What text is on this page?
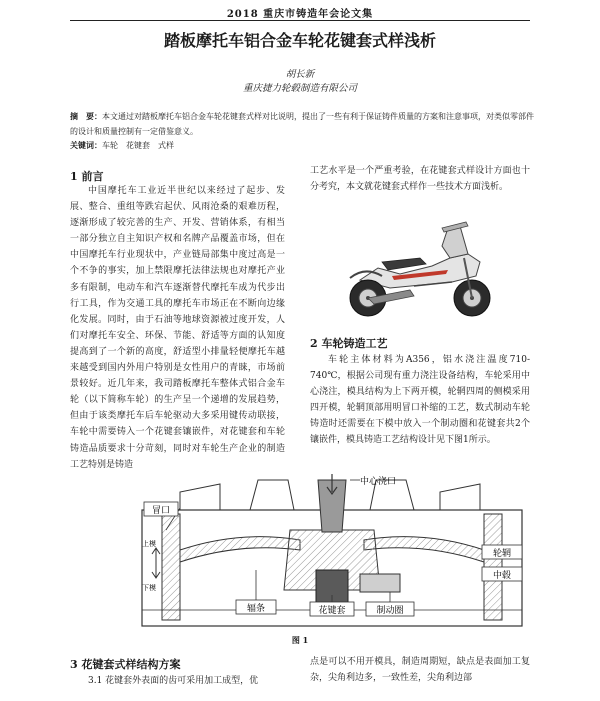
2018 重庆市铸造年会论文集
踏板摩托车铝合金车轮花键套式样浅析
胡长新
重庆捷力轮毂制造有限公司
摘　要：本文通过对踏板摩托车铝合金车轮花键套式样对比说明，提出了一些有利于保证铸件质量的方案和注意事项，对类似零部件的设计和质量控制有一定借鉴意义。
关键词：车轮　花键套　式样
1 前言
中国摩托车工业近半世纪以来经过了起步、发展、整合、重组等跌宕起伏、风雨沧桑的艰难历程，逐渐形成了较完善的生产、开发、营销体系，有相当一部分独立自主知识产权和名牌产品覆盖市场，但在中国摩托车行业现状中，产业链局部集中度过高是一个不争的事实，加上禁限摩托法律法规也对摩托产业多有限制，电动车和汽车逐渐替代摩托车成为代步出行工具，作为交通工具的摩托车市场正在不断向边缘化发展。同时，由于石油等地球资源被过度开发，人们对摩托车安全、环保、节能、舒适等方面的认知度提高到了一个新的高度，舒适型小排量轻便摩托车越来越受到国内外用户特别是女性用户的青睐，市场前景较好。近几年来，我司踏板摩托车整体式铝合金车轮（以下简称车轮）的生产呈一个递增的发展趋势，但由于该类摩托车后车轮驱动大多采用键传动联接，车轮中需要铸入一个花键套镶嵌件，对花键套和车轮铸造品质要求十分苛刻，同时对车轮生产企业的制造工艺特别是铸造
工艺水平是一个严重考验，在花键套式样设计方面也十分考究，本文就花键套式样作一些技术方面浅析。
2 车轮铸造工艺
车轮主体材料为A356，铝水浇注温度710-740℃，根据公司现有重力浇注设备结构，车轮采用中心浇注，模具结构为上下两开模，轮辋四周的侧模采用四开模，轮辋顶部用明冒口补缩的工艺，数式制动车轮铸造时还需要在下模中放入一个制动圈和花键套共2个镶嵌件，模具铸造工艺结构设计见下图1所示。
冒口
中心浇口
上模
下模
轮辋
中毂
辐条	花键套	制动圈
图 1
3 花键套式样结构方案
3.1 花键套外表面的齿可采用加工成型，优
点是可以不用开模具，制造周期短，缺点是表面加工复杂，尖角利边多，一致性差，尖角利边部
